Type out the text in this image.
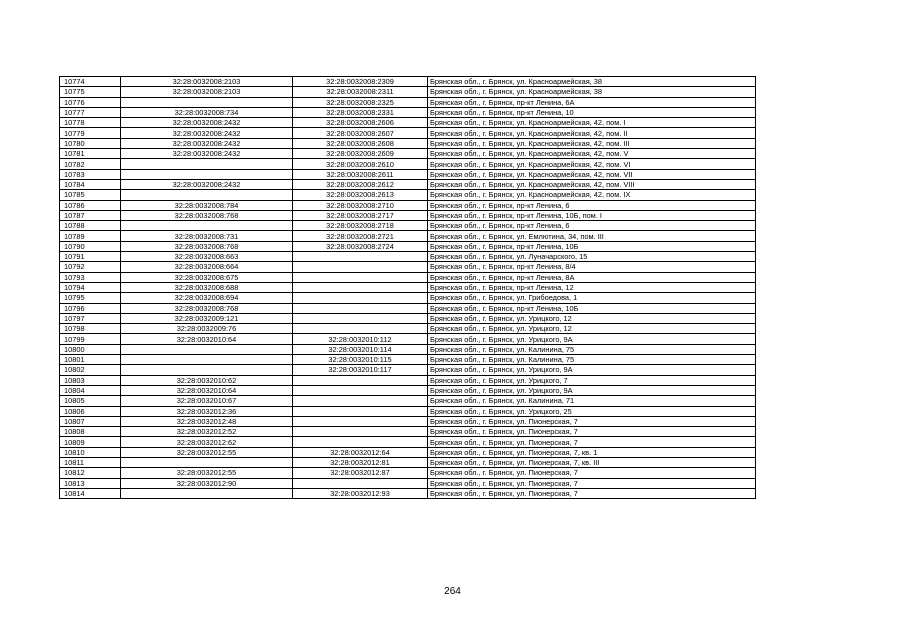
10774	32:28:0032008:2103	32:28:0032008:2309	Брянская обл., г. Брянск, ул. Красноармейская, 38
10775	32:28:0032008:2103	32:28:0032008:2311	Брянская обл., г. Брянск, ул. Красноармейская, 38
10776		32:28:0032008:2325	Брянская обл., г. Брянск, пр-кт Ленина, 6А
10777	32:28:0032008:734	32:28:0032008:2331	Брянская обл., г. Брянск, пр-кт Ленина, 10
10778	32:28:0032008:2432	32:28:0032008:2606	Брянская обл., г. Брянск, ул. Красноармейская, 42, пом. I
10779	32:28:0032008:2432	32:28:0032008:2607	Брянская обл., г. Брянск, ул. Красноармейская, 42, пом. II
10780	32:28:0032008:2432	32:28:0032008:2608	Брянская обл., г. Брянск, ул. Красноармейская, 42, пом. III
10781	32:28:0032008:2432	32:28:0032008:2609	Брянская обл., г. Брянск, ул. Красноармейская, 42, пом. V
10782		32:28:0032008:2610	Брянская обл., г. Брянск, ул. Красноармейская, 42, пом. VI
10783		32:28:0032008:2611	Брянская обл., г. Брянск, ул. Красноармейская, 42, пом. VII
10784	32:28:0032008:2432	32:28:0032008:2612	Брянская обл., г. Брянск, ул. Красноармейская, 42, пом. VIII
10785		32:28:0032008:2613	Брянская обл., г. Брянск, ул. Красноармейская, 42, пом. IX
10786	32:28:0032008:784	32:28:0032008:2710	Брянская обл., г. Брянск, пр-кт Ленина, 6
10787	32:28:0032008:768	32:28:0032008:2717	Брянская обл., г. Брянск, пр-кт Ленина, 10Б, пом. I
10788		32:28:0032008:2718	Брянская обл., г. Брянск, пр-кт Ленина, 6
10789	32:28:0032008:731	32:28:0032008:2721	Брянская обл., г. Брянск, ул. Емлютина, 34, пом. III
10790	32:28:0032008:768	32:28:0032008:2724	Брянская обл., г. Брянск, пр-кт Ленина, 10Б
10791	32:28:0032008:663		Брянская обл., г. Брянск, ул. Луначарского, 15
10792	32:28:0032008:664		Брянская обл., г. Брянск, пр-кт Ленина, 8/4
10793	32:28:0032008:675		Брянская обл., г. Брянск, пр-кт Ленина, 8А
10794	32:28:0032008:688		Брянская обл., г. Брянск, пр-кт Ленина, 12
10795	32:28:0032008:694		Брянская обл., г. Брянск, ул. Грибоедова, 1
10796	32:28:0032008:768		Брянская обл., г. Брянск, пр-кт Ленина, 10Б
10797	32:28:0032009:121		Брянская обл., г. Брянск, ул. Урицкого, 12
10798	32:28:0032009:76		Брянская обл., г. Брянск, ул. Урицкого, 12
10799	32:28:0032010:64	32:28:0032010:112	Брянская обл., г. Брянск, ул. Урицкого, 9А
10800		32:28:0032010:114	Брянская обл., г. Брянск, ул. Калинина, 75
10801		32:28:0032010:115	Брянская обл., г. Брянск, ул. Калинина, 75
10802		32:28:0032010:117	Брянская обл., г. Брянск, ул. Урицкого, 9А
10803	32:28:0032010:62		Брянская обл., г. Брянск, ул. Урицкого, 7
10804	32:28:0032010:64		Брянская обл., г. Брянск, ул. Урицкого, 9А
10805	32:28:0032010:67		Брянская обл., г. Брянск, ул. Калинина, 71
10806	32:28:0032012:36		Брянская обл., г. Брянск, ул. Урицкого, 25
10807	32:28:0032012:48		Брянская обл., г. Брянск, ул. Пионерская, 7
10808	32:28:0032012:52		Брянская обл., г. Брянск, ул. Пионерская, 7
10809	32:28:0032012:62		Брянская обл., г. Брянск, ул. Пионерская, 7
10810	32:28:0032012:55	32:28:0032012:64	Брянская обл., г. Брянск, ул. Пионерская, 7, кв. 1
10811		32:28:0032012:81	Брянская обл., г. Брянск, ул. Пионерская, 7, кв. III
10812	32:28:0032012:55	32:28:0032012:87	Брянская обл., г. Брянск, ул. Пионерская, 7
10813	32:28:0032012:90		Брянская обл., г. Брянск, ул. Пионерская, 7
10814		32:28:0032012:93	Брянская обл., г. Брянск, ул. Пионерская, 7
264
